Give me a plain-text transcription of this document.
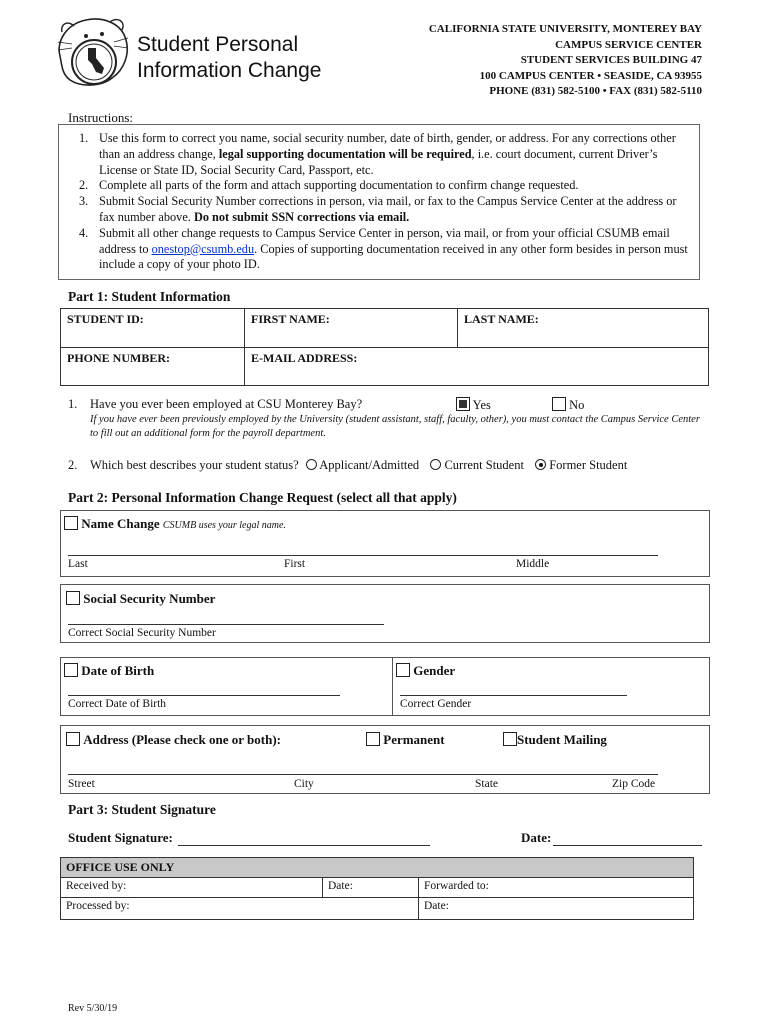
Student Personal
Information Change
CALIFORNIA STATE UNIVERSITY, MONTEREY BAY
CAMPUS SERVICE CENTER
STUDENT SERVICES BUILDING 47
100 CAMPUS CENTER • SEASIDE, CA 93955
PHONE (831) 582-5100 • FAX (831) 582-5110
Instructions:
1. Use this form to correct you name, social security number, date of birth, gender, or address. For any corrections other than an address change, legal supporting documentation will be required, i.e. court document, current Driver’s License or State ID, Social Security Card, Passport, etc.
2. Complete all parts of the form and attach supporting documentation to confirm change requested.
3. Submit Social Security Number corrections in person, via mail, or fax to the Campus Service Center at the address or fax number above. Do not submit SSN corrections via email.
4. Submit all other change requests to Campus Service Center in person, via mail, or from your official CSUMB email address to onestop@csumb.edu. Copies of supporting documentation received in any other form besides in person must include a copy of your photo ID.
Part 1: Student Information
STUDENT ID:	FIRST NAME:	LAST NAME:
PHONE NUMBER:	E-MAIL ADDRESS:	
1. Have you ever been employed at CSU Monterey Bay?	Yes	No
If you have ever been previously employed by the University (student assistant, staff, faculty, other), you must contact the Campus Service Center to fill out an additional form for the payroll department.
2. Which best describes your student status? Applicant/Admitted Current Student Former Student
Part 2: Personal Information Change Request (select all that apply)
Name Change CSUMB uses your legal name.
Last	First	Middle
Social Security Number
Correct Social Security Number
Date of Birth
Correct Date of Birth
Gender
Correct Gender
Address (Please check one or both):	Permanent	Student Mailing
Street	City	State	Zip Code
Part 3: Student Signature
Student Signature:	Date:
OFFICE USE ONLY		
Received by:	Date:	Forwarded to:
Processed by:		Date:
Rev 5/30/19
